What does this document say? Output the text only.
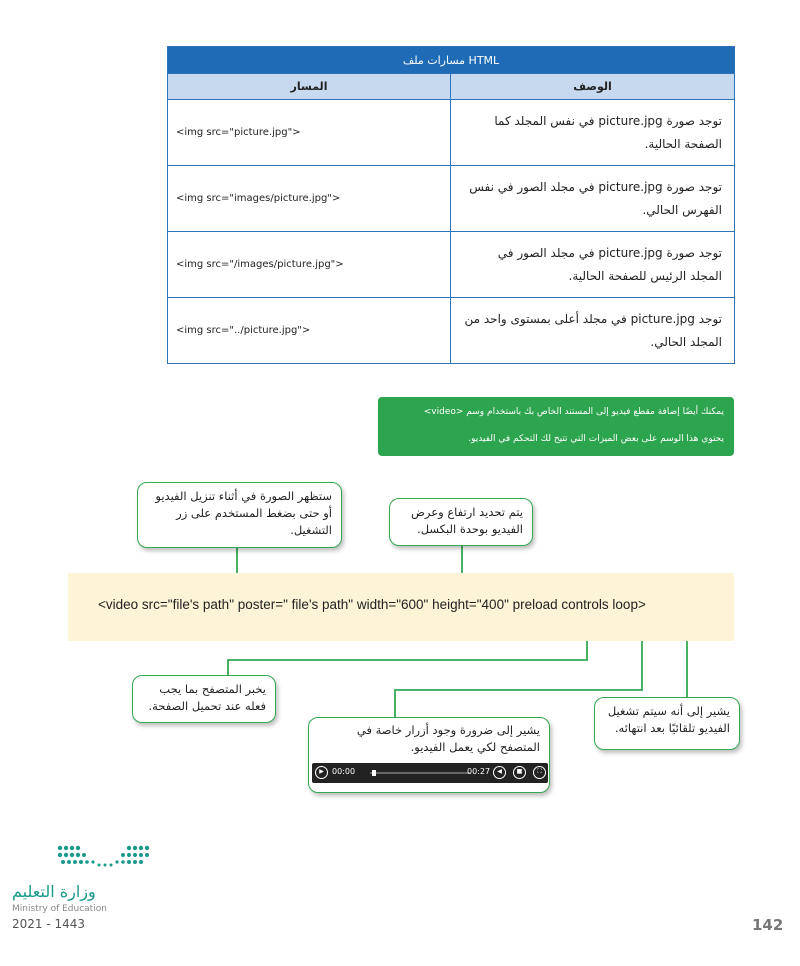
مسارات ملف HTML	
المسار	الوصف
<img src="picture.jpg">	توجد صورة picture.jpg في نفس المجلد كما الصفحة الحالية.
<img src="images/picture.jpg">	توجد صورة picture.jpg في مجلد الصور في نفس الفهرس الحالي.
<img src="/images/picture.jpg">	توجد صورة picture.jpg في مجلد الصور في المجلد الرئيس للصفحة الحالية.
<img src="../picture.jpg">	توجد picture.jpg في مجلد أعلى بمستوى واحد من المجلد الحالي.
يمكنك أيضًا إضافة مقطع فيديو إلى المستند الخاص بك باستخدام وسم <video>
يحتوي هذا الوسم على بعض الميزات التي تتيح لك التحكم في الفيديو.
<video src="file's path" poster=" file's path" width="600" height="400" preload controls loop>
ستظهر الصورة في أثناء تنزيل الفيديو أو حتى بضغط المستخدم على زر التشغيل.
يتم تحديد ارتفاع وعرض الفيديو بوحدة البكسل.
يخبر المتصفح بما يجب فعله عند تحميل الصفحة.
يشير إلى ضرورة وجود أزرار خاصة في المتصفح لكي يعمل الفيديو.
يشير إلى أنه سيتم تشغيل الفيديو تلقائيًا بعد انتهائه.
▶	00:00	00:27	◀	■	⛶
وزارة التعليم
Ministry of Education
2021 - 1443	142
